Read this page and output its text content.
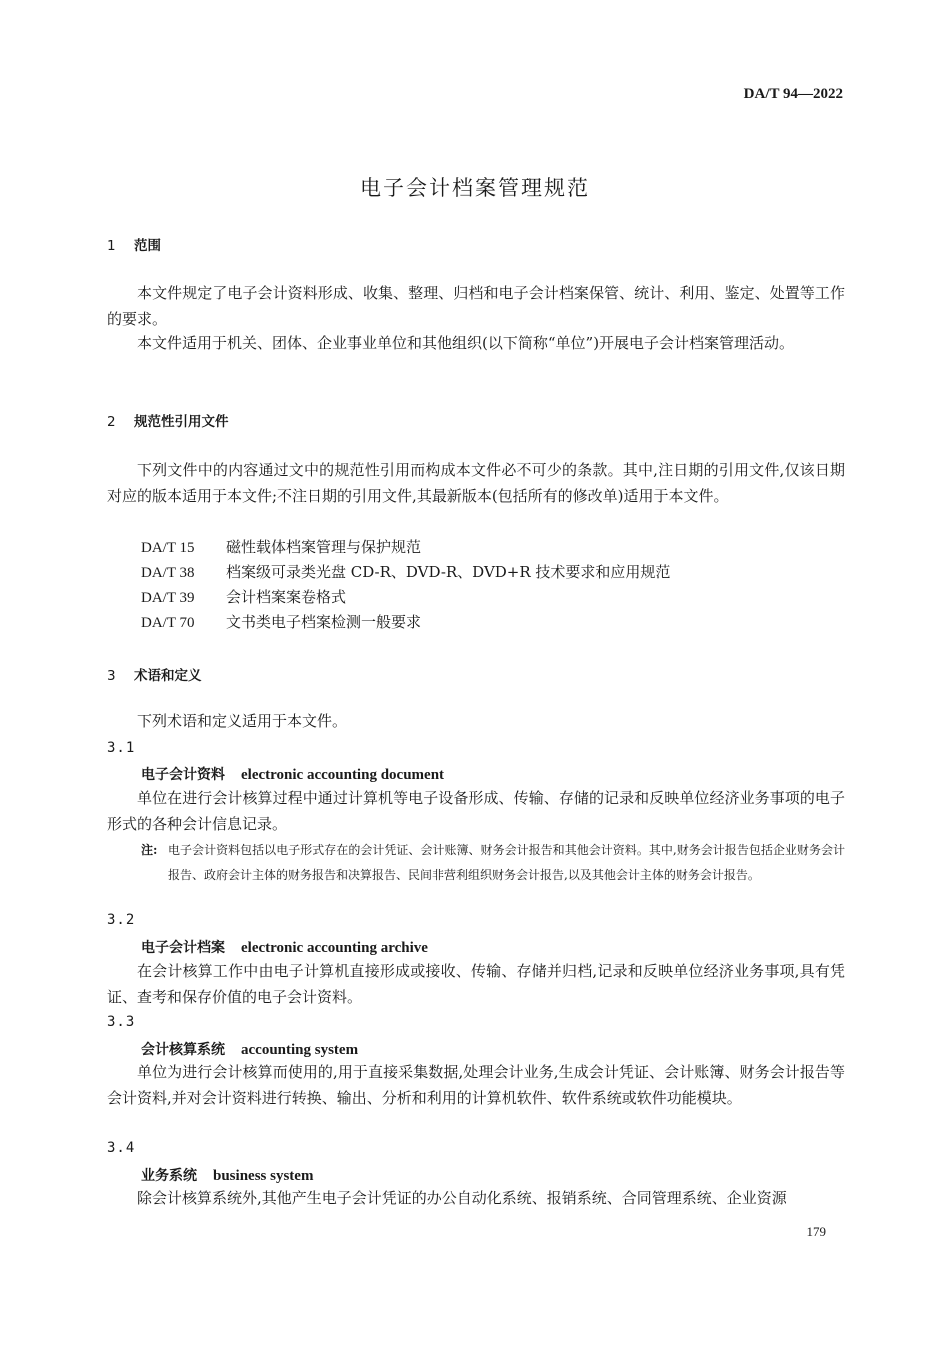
DA/T 94—2022
电子会计档案管理规范
1 范围

本文件规定了电子会计资料形成、收集、整理、归档和电子会计档案保管、统计、利用、鉴定、处置等工作的要求。

本文件适用于机关、团体、企业事业单位和其他组织(以下简称“单位”)开展电子会计档案管理活动。

2 规范性引用文件

下列文件中的内容通过文中的规范性引用而构成本文件必不可少的条款。其中,注日期的引用文件,仅该日期对应的版本适用于本文件;不注日期的引用文件,其最新版本(包括所有的修改单)适用于本文件。

DA/T 15 磁性载体档案管理与保护规范
DA/T 38 档案级可录类光盘 CD-R、DVD-R、DVD+R 技术要求和应用规范
DA/T 39 会计档案案卷格式
DA/T 70 文书类电子档案检测一般要求
3 术语和定义

下列术语和定义适用于本文件。

3.1
电子会计资料 electronic accounting document

单位在进行会计核算过程中通过计算机等电子设备形成、传输、存储的记录和反映单位经济业务事项的电子形式的各种会计信息记录。

注: 电子会计资料包括以电子形式存在的会计凭证、会计账簿、财务会计报告和其他会计资料。其中,财务会计报告包括企业财务会计报告、政府会计主体的财务报告和决算报告、民间非营利组织财务会计报告,以及其他会计主体的财务会计报告。
3.2
电子会计档案 electronic accounting archive

在会计核算工作中由电子计算机直接形成或接收、传输、存储并归档,记录和反映单位经济业务事项,具有凭证、查考和保存价值的电子会计资料。

3.3
会计核算系统 accounting system

单位为进行会计核算而使用的,用于直接采集数据,处理会计业务,生成会计凭证、会计账簿、财务会计报告等会计资料,并对会计资料进行转换、输出、分析和利用的计算机软件、软件系统或软件功能模块。

3.4
业务系统 business system

除会计核算系统外,其他产生电子会计凭证的办公自动化系统、报销系统、合同管理系统、企业资源

179
